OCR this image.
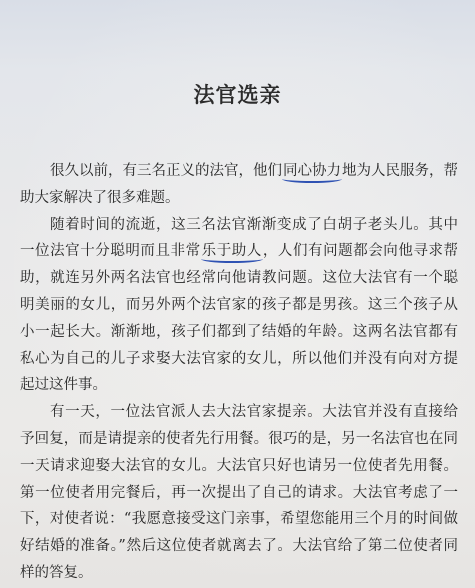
法官选亲
很久以前，有三名正义的法官，他们同心协力地为人民服务，帮
助大家解决了很多难题。
随着时间的流逝，这三名法官渐渐变成了白胡子老头儿。其中
一位法官十分聪明而且非常乐于助人，人们有问题都会向他寻求帮
助，就连另外两名法官也经常向他请教问题。这位大法官有一个聪
明美丽的女儿，而另外两个法官家的孩子都是男孩。这三个孩子从
小一起长大。渐渐地，孩子们都到了结婚的年龄。这两名法官都有
私心为自己的儿子求娶大法官家的女儿，所以他们并没有向对方提
起过这件事。
有一天，一位法官派人去大法官家提亲。大法官并没有直接给
予回复，而是请提亲的使者先行用餐。很巧的是，另一名法官也在同
一天请求迎娶大法官的女儿。大法官只好也请另一位使者先用餐。
第一位使者用完餐后，再一次提出了自己的请求。大法官考虑了一
下，对使者说：“我愿意接受这门亲事，希望您能用三个月的时间做
好结婚的准备。”然后这位使者就离去了。大法官给了第二位使者同
样的答复。
